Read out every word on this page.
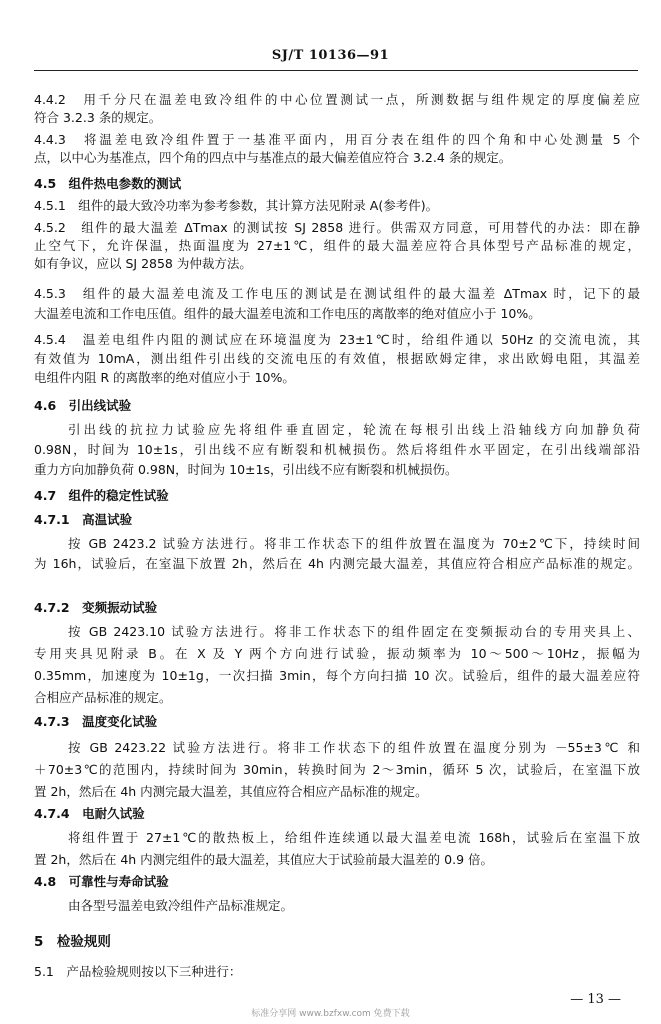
SJ/T 10136—91

4.4.2　用千分尺在温差电致冷组件的中心位置测试一点，所测数据与组件规定的厚度偏差应

符合 3.2.3 条的规定。

4.4.3　将温差电致冷组件置于一基准平面内，用百分表在组件的四个角和中心处测量 5 个

点，以中心为基准点，四个角的四点中与基准点的最大偏差值应符合 3.2.4 条的规定。

4.5　组件热电参数的测试

4.5.1　组件的最大致冷功率为参考参数，其计算方法见附录 A(参考件)。

4.5.2　组件的最大温差 ΔTmax 的测试按 SJ 2858 进行。供需双方同意，可用替代的办法：即在静

止空气下，允许保温，热面温度为 27±1℃，组件的最大温差应符合具体型号产品标准的规定，

如有争议，应以 SJ 2858 为仲裁方法。

4.5.3　组件的最大温差电流及工作电压的测试是在测试组件的最大温差 ΔTmax 时，记下的最

大温差电流和工作电压值。组件的最大温差电流和工作电压的离散率的绝对值应小于 10%。

4.5.4　温差电组件内阻的测试应在环境温度为 23±1℃时，给组件通以 50Hz 的交流电流，其

有效值为 10mA，测出组件引出线的交流电压的有效值，根据欧姆定律，求出欧姆电阻，其温差

电组件内阻 R 的离散率的绝对值应小于 10%。

4.6　引出线试验

引出线的抗拉力试验应先将组件垂直固定，轮流在每根引出线上沿轴线方向加静负荷

0.98N，时间为 10±1s，引出线不应有断裂和机械损伤。然后将组件水平固定，在引出线端部沿

重力方向加静负荷 0.98N，时间为 10±1s，引出线不应有断裂和机械损伤。

4.7　组件的稳定性试验

4.7.1　高温试验

按 GB 2423.2 试验方法进行。将非工作状态下的组件放置在温度为 70±2℃下，持续时间

为 16h，试验后，在室温下放置 2h，然后在 4h 内测完最大温差，其值应符合相应产品标准的规定。

4.7.2　变频振动试验

按 GB 2423.10 试验方法进行。将非工作状态下的组件固定在变频振动台的专用夹具上、

专用夹具见附录 B。在 X 及 Y 两个方向进行试验，振动频率为 10～500～10Hz，振幅为

0.35mm，加速度为 10±1g，一次扫描 3min，每个方向扫描 10 次。试验后，组件的最大温差应符

合相应产品标准的规定。

4.7.3　温度变化试验

按 GB 2423.22 试验方法进行。将非工作状态下的组件放置在温度分别为 －55±3℃ 和

＋70±3℃的范围内，持续时间为 30min，转换时间为 2～3min，循环 5 次，试验后，在室温下放

置 2h，然后在 4h 内测完最大温差，其值应符合相应产品标准的规定。

4.7.4　电耐久试验

将组件置于 27±1℃的散热板上，给组件连续通以最大温差电流 168h，试验后在室温下放

置 2h，然后在 4h 内测完组件的最大温差，其值应大于试验前最大温差的 0.9 倍。

4.8　可靠性与寿命试验

由各型号温差电致冷组件产品标准规定。

5　检验规则

5.1　产品检验规则按以下三种进行：

— 13 —
标准分享网 www.bzfxw.com 免费下载
